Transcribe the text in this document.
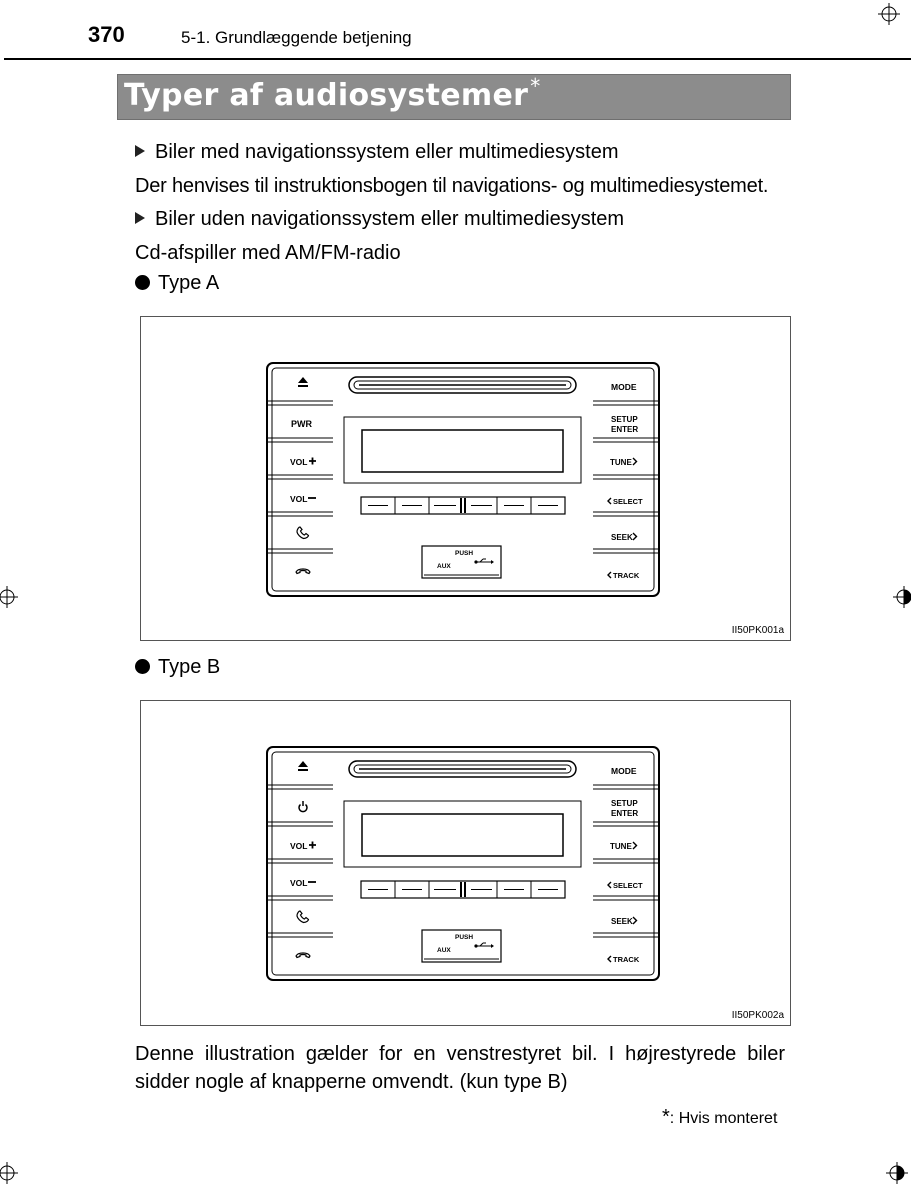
370	5-1. Grundlæggende betjening
Typer af audiosystemer *
Biler med navigationssystem eller multimediesystem
Der henvises til instruktionsbogen til navigations- og multimediesystemet.
Biler uden navigationssystem eller multimediesystem
Cd-afspiller med AM/FM-radio
Type A
PUSH
AUX
PWR
VOL
VOL
MODE
SETUP
ENTER
TUNE
SELECT
SEEK
TRACK
II50PK001a
Type B
PUSH
AUX
VOL
VOL
MODE
SETUP
ENTER
TUNE
SELECT
SEEK
TRACK
II50PK002a
Denne illustration gælder for en venstrestyret bil. I højrestyrede biler sidder nogle af knapperne omvendt. (kun type B)
*: Hvis monteret
